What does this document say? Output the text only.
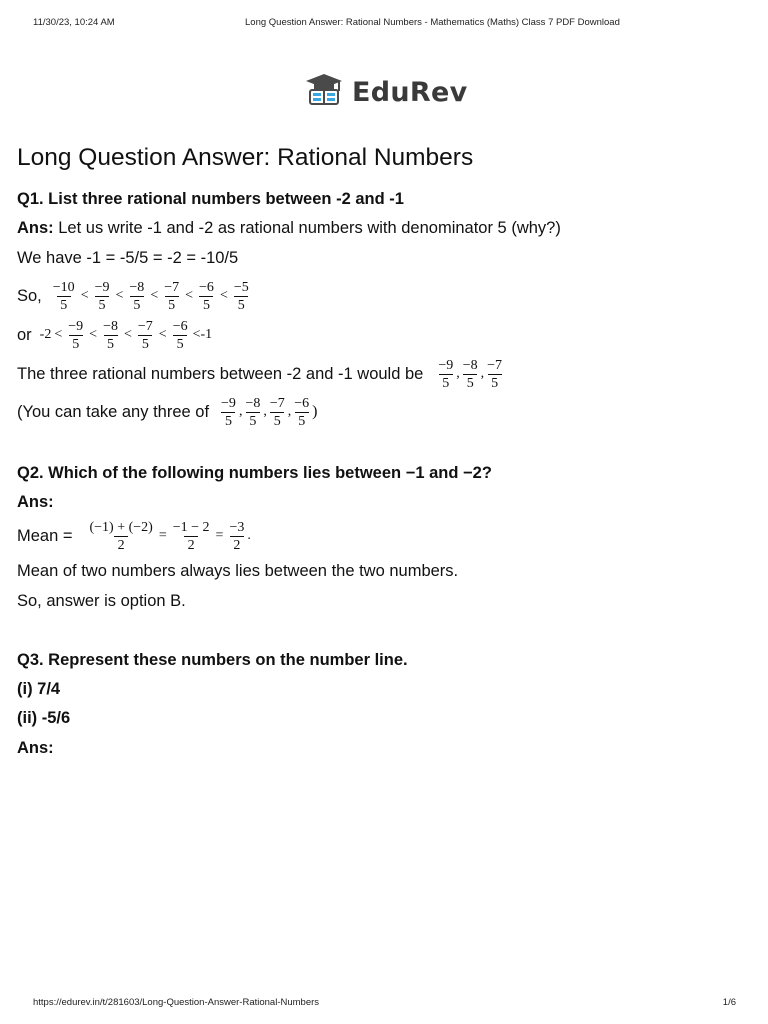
11/30/23, 10:24 AM	Long Question Answer: Rational Numbers - Mathematics (Maths) Class 7 PDF Download
EduRev
Long Question Answer: Rational Numbers
Q1. List three rational numbers between -2 and -1
Ans: Let us write -1 and -2 as rational numbers with denominator 5 (why?)
We have -1 = -5/5 = -2 = -10/5
So, $\frac{-10}{5} < \frac{-9}{5} < \frac{-8}{5} < \frac{-7}{5} < \frac{-6}{5} < \frac{-5}{5}$
or $-2 < \frac{-9}{5} < \frac{-8}{5} < \frac{-7}{5} < \frac{-6}{5} <-1$
The three rational numbers between -2 and -1 would be $\frac{-9}{5}$ , $\frac{-8}{5}$ , $\frac{-7}{5}$
(You can take any three of $\frac{-9}{5}$ , $\frac{-8}{5}$ , $\frac{-7}{5}$ , $\frac{-6}{5}$ )
Q2. Which of the following numbers lies between −1 and −2?
Ans:
Mean = $\frac{(-1) + (-2)}{2} = \frac{-1 - 2}{2} = \frac{-3}{2}$ .
Mean of two numbers always lies between the two numbers.
So, answer is option B.
Q3. Represent these numbers on the number line.
(i) 7/4
(ii) -5/6
Ans:
https://edurev.in/t/281603/Long-Question-Answer-Rational-Numbers	1/6
